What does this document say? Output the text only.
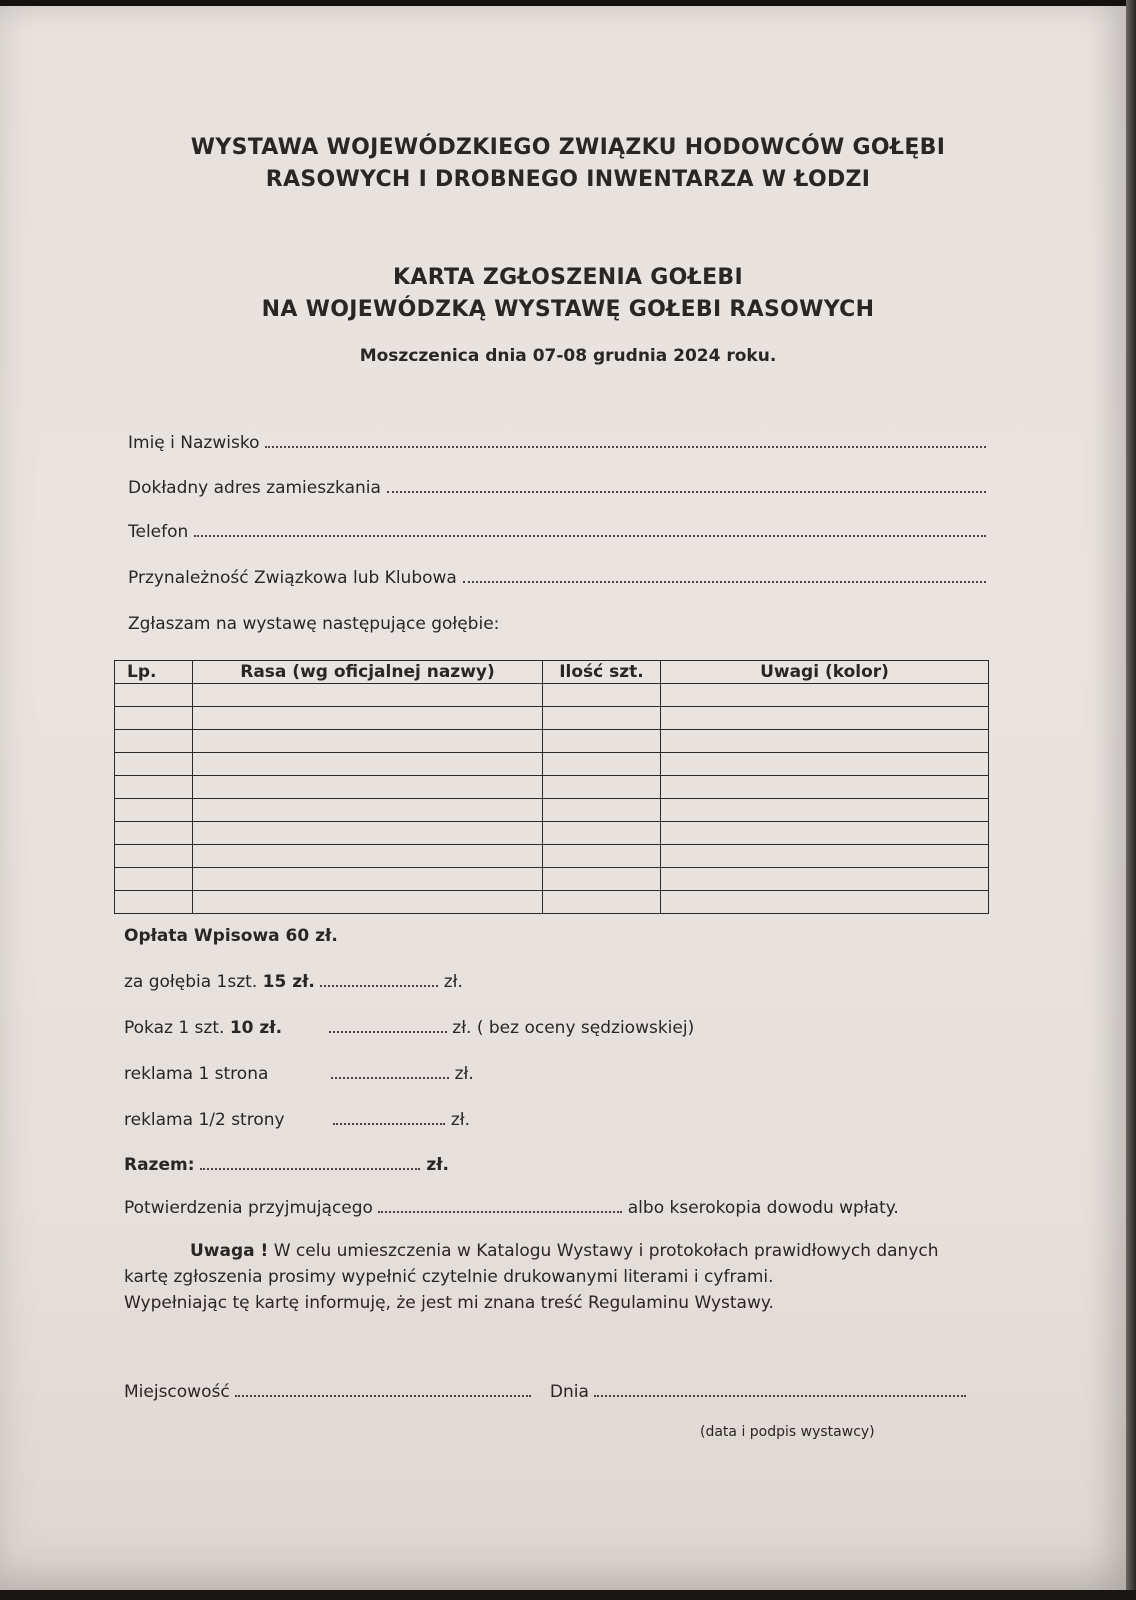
WYSTAWA WOJEWÓDZKIEGO ZWIĄZKU HODOWCÓW GOŁĘBI
RASOWYCH I DROBNEGO INWENTARZA W ŁODZI
KARTA ZGŁOSZENIA GOŁEBI
NA WOJEWÓDZKĄ WYSTAWĘ GOŁEBI RASOWYCH
Moszczenica dnia 07-08 grudnia 2024 roku.
Imię i Nazwisko
Dokładny adres zamieszkania
Telefon
Przynależność Związkowa lub Klubowa
Zgłaszam na wystawę następujące gołębie:
Lp.	Rasa (wg oficjalnej nazwy)	Ilość szt.	Uwagi (kolor)

Opłata Wpisowa 60 zł.
za gołębia 1szt. 15 zł.	zł.
Pokaz 1 szt. 10 zł.	zł. ( bez oceny sędziowskiej)
reklama 1 strona	zł.
reklama 1/2 strony	zł.
Razem:	zł.
Potwierdzenia przyjmującego	albo kserokopia dowodu wpłaty.
Uwaga ! W celu umieszczenia w Katalogu Wystawy i protokołach prawidłowych danych kartę zgłoszenia prosimy wypełnić czytelnie drukowanymi literami i cyframi.
Wypełniając tę kartę informuję, że jest mi znana treść Regulaminu Wystawy.
Miejscowość	Dnia
(data i podpis wystawcy)
